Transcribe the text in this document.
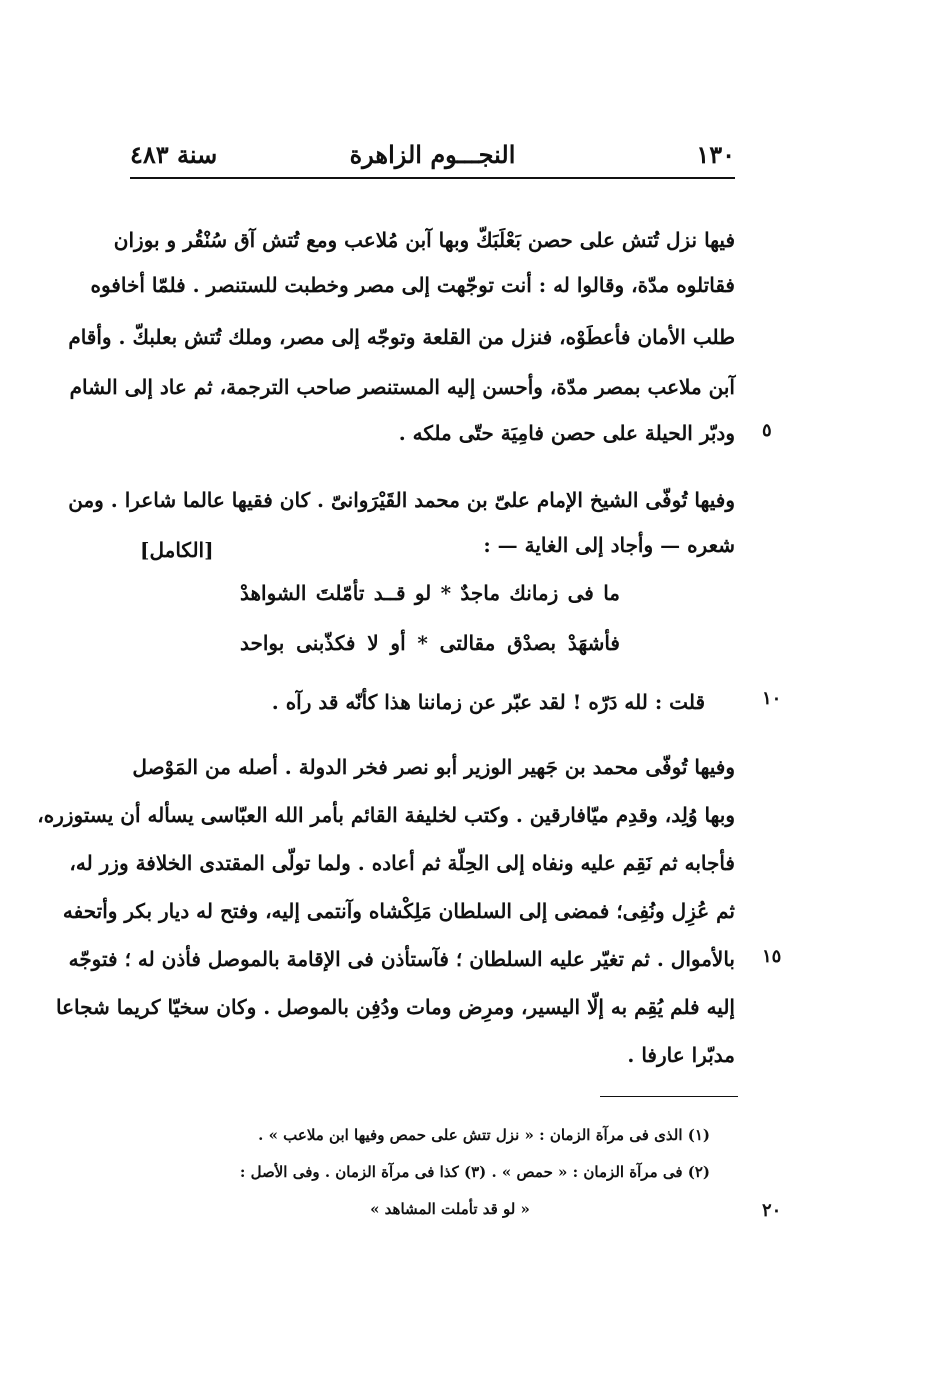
١٣٠
النجـــوم الزاهرة
سنة ٤٨٣
فيها نزل تُتش على حصن بَعْلَبَكّ وبها آبن مُلاعب ومع تُتش آق سُنْقُر و بوزان
فقاتلوه مدّة، وقالوا له : أنت توجّهت إلى مصر وخطبت للستنصر . فلمّا أخافوه
طلب الأمان فأعطَوْه، فنزل من القلعة وتوجّه إلى مصر، وملك تُتش بعلبكّ . وأقام
آبن ملاعب بمصر مدّة، وأحسن إليه المستنصر صاحب الترجمة، ثم عاد إلى الشام
ودبّر الحيلة على حصن فامِيَة حتّى ملكه . ٥
وفيها تُوفّى الشيخ الإمام علىّ بن محمد القَيْرَوانىّ . كان فقيها عالما شاعرا . ومن
شعره — وأجاد إلى الغاية — :
[الكامل]
ما فى زمانك ماجدٌ * لو قــد تأمّلتَ الشواهدْ
فأشهَدْ بصدْق مقالتى * أو لا فكذّبنى بواحد
قلت : لله دَرّه ! لقد عبّر عن زماننا هذا كأنّه قد رآه .	١٠
وفيها تُوفّى محمد بن جَهير الوزير أبو نصر فخر الدولة . أصله من المَوْصل
وبها وُلِد، وقدِم ميّافارقين . وكتب لخليفة القائم بأمر الله العبّاسى يسأله أن يستوزره،
فأجابه ثم نَقِم عليه ونفاه إلى الحِلّة ثم أعاده . ولما تولّى المقتدى الخلافة وزر له،
ثم عُزِل ونُفِى؛ فمضى إلى السلطان مَلِكْشاه وآنتمى إليه، وفتح له ديار بكر وأتحفه
بالأموال . ثم تغيّر عليه السلطان ؛ فآستأذن فى الإقامة بالموصل فأذن له ؛ فتوجّه ١٥
إليه فلم يُقِم به إلّا اليسير، ومرِض ومات ودُفِن بالموصل . وكان سخيّا كريما شجاعا
مدبّرا عارفا .
(١) الذى فى مرآة الزمان : « نزل تتش على حمص وفيها ابن ملاعب » .
(٢) فى مرآة الزمان : « حمص » . (٣) كذا فى مرآة الزمان . وفى الأصل :
« لو قد تأملت المشاهد »	٢٠
